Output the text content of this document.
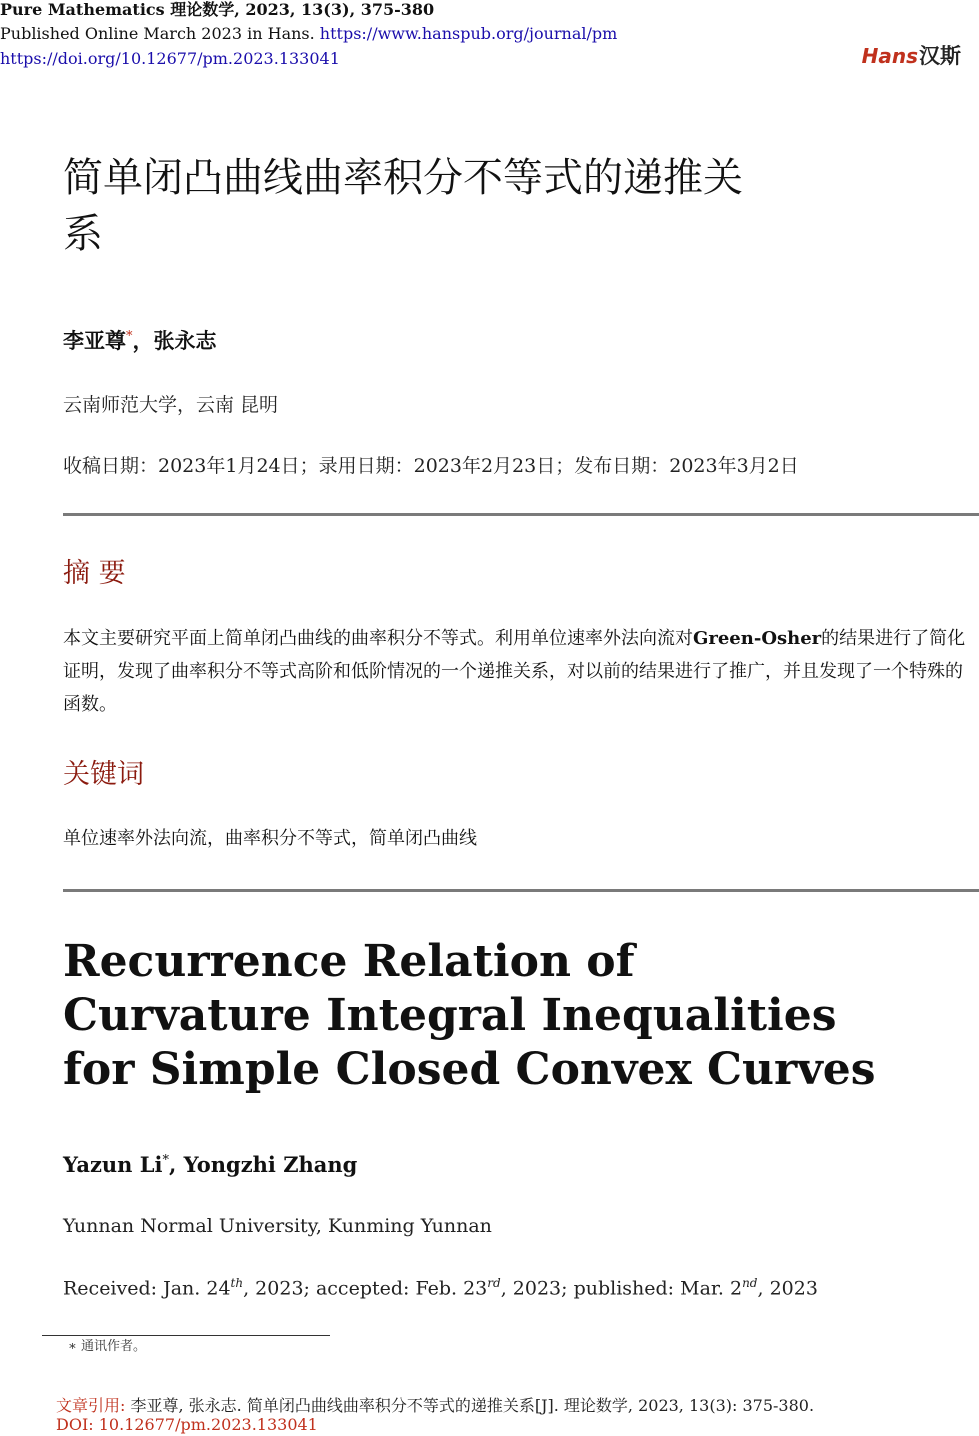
Pure Mathematics 理论数学, 2023, 13(3), 375-380
Published Online March 2023 in Hans. https://www.hanspub.org/journal/pm
https://doi.org/10.12677/pm.2023.133041	Hans 汉斯
简单闭凸曲线曲率积分不等式的递推关系
李亚尊*，张永志
云南师范大学，云南 昆明
收稿日期：2023年1月24日；录用日期：2023年2月23日；发布日期：2023年3月2日
摘 要
本文主要研究平面上简单闭凸曲线的曲率积分不等式。利用单位速率外法向流对Green-Osher的结果进行了简化证明，发现了曲率积分不等式高阶和低阶情况的一个递推关系，对以前的结果进行了推广，并且发现了一个特殊的函数。
关键词
单位速率外法向流，曲率积分不等式，简单闭凸曲线
Recurrence Relation of Curvature Integral Inequalities for Simple Closed Convex Curves
Yazun Li*, Yongzhi Zhang
Yunnan Normal University, Kunming Yunnan
Received: Jan. 24th, 2023; accepted: Feb. 23rd, 2023; published: Mar. 2nd, 2023
∗ 通讯作者。
文章引用: 李亚尊, 张永志. 简单闭凸曲线曲率积分不等式的递推关系[J]. 理论数学, 2023, 13(3): 375-380.
DOI: 10.12677/pm.2023.133041
